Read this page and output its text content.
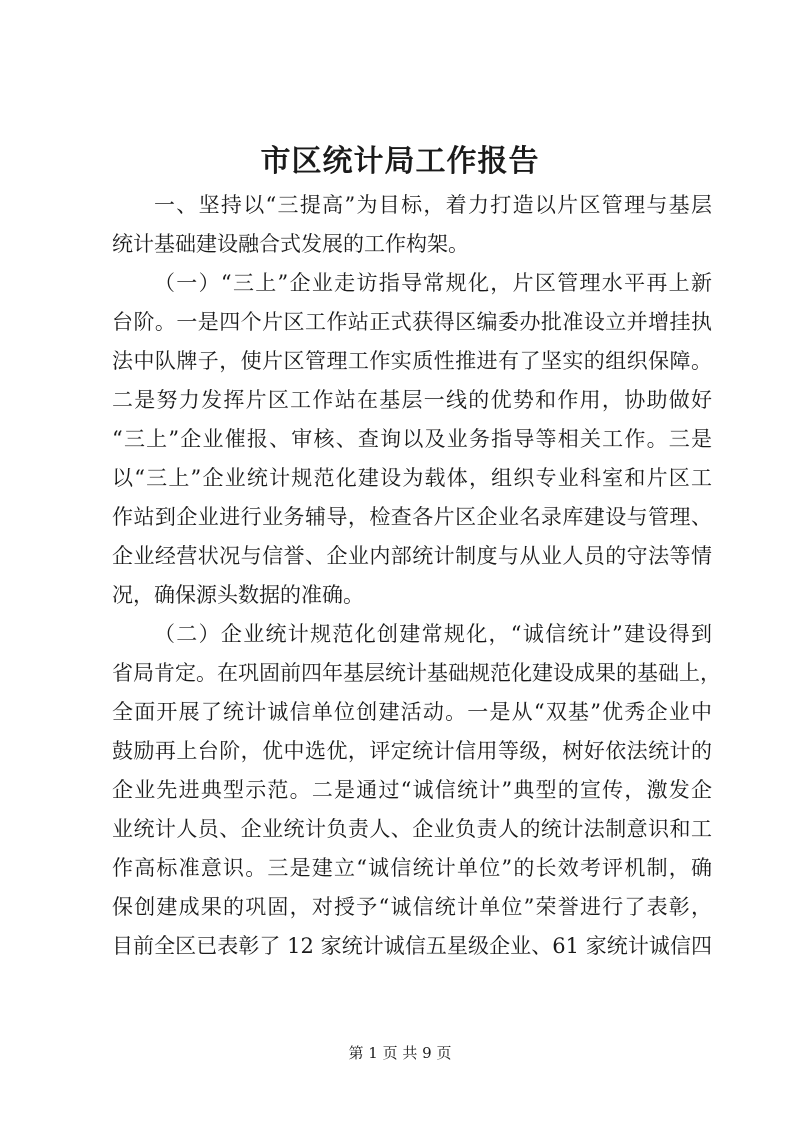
市区统计局工作报告
一、坚持以“三提高”为目标，着力打造以片区管理与基层
统计基础建设融合式发展的工作构架。
（一）“三上”企业走访指导常规化，片区管理水平再上新
台阶。一是四个片区工作站正式获得区编委办批准设立并增挂执
法中队牌子，使片区管理工作实质性推进有了坚实的组织保障。
二是努力发挥片区工作站在基层一线的优势和作用，协助做好
“三上”企业催报、审核、查询以及业务指导等相关工作。三是
以“三上”企业统计规范化建设为载体，组织专业科室和片区工
作站到企业进行业务辅导，检查各片区企业名录库建设与管理、
企业经营状况与信誉、企业内部统计制度与从业人员的守法等情
况，确保源头数据的准确。
（二）企业统计规范化创建常规化，“诚信统计”建设得到
省局肯定。在巩固前四年基层统计基础规范化建设成果的基础上，
全面开展了统计诚信单位创建活动。一是从“双基”优秀企业中
鼓励再上台阶，优中选优，评定统计信用等级，树好依法统计的
企业先进典型示范。二是通过“诚信统计”典型的宣传，激发企
业统计人员、企业统计负责人、企业负责人的统计法制意识和工
作高标准意识。三是建立“诚信统计单位”的长效考评机制，确
保创建成果的巩固，对授予“诚信统计单位”荣誉进行了表彰，
目前全区已表彰了 12 家统计诚信五星级企业、61 家统计诚信四
第 1 页 共 9 页
